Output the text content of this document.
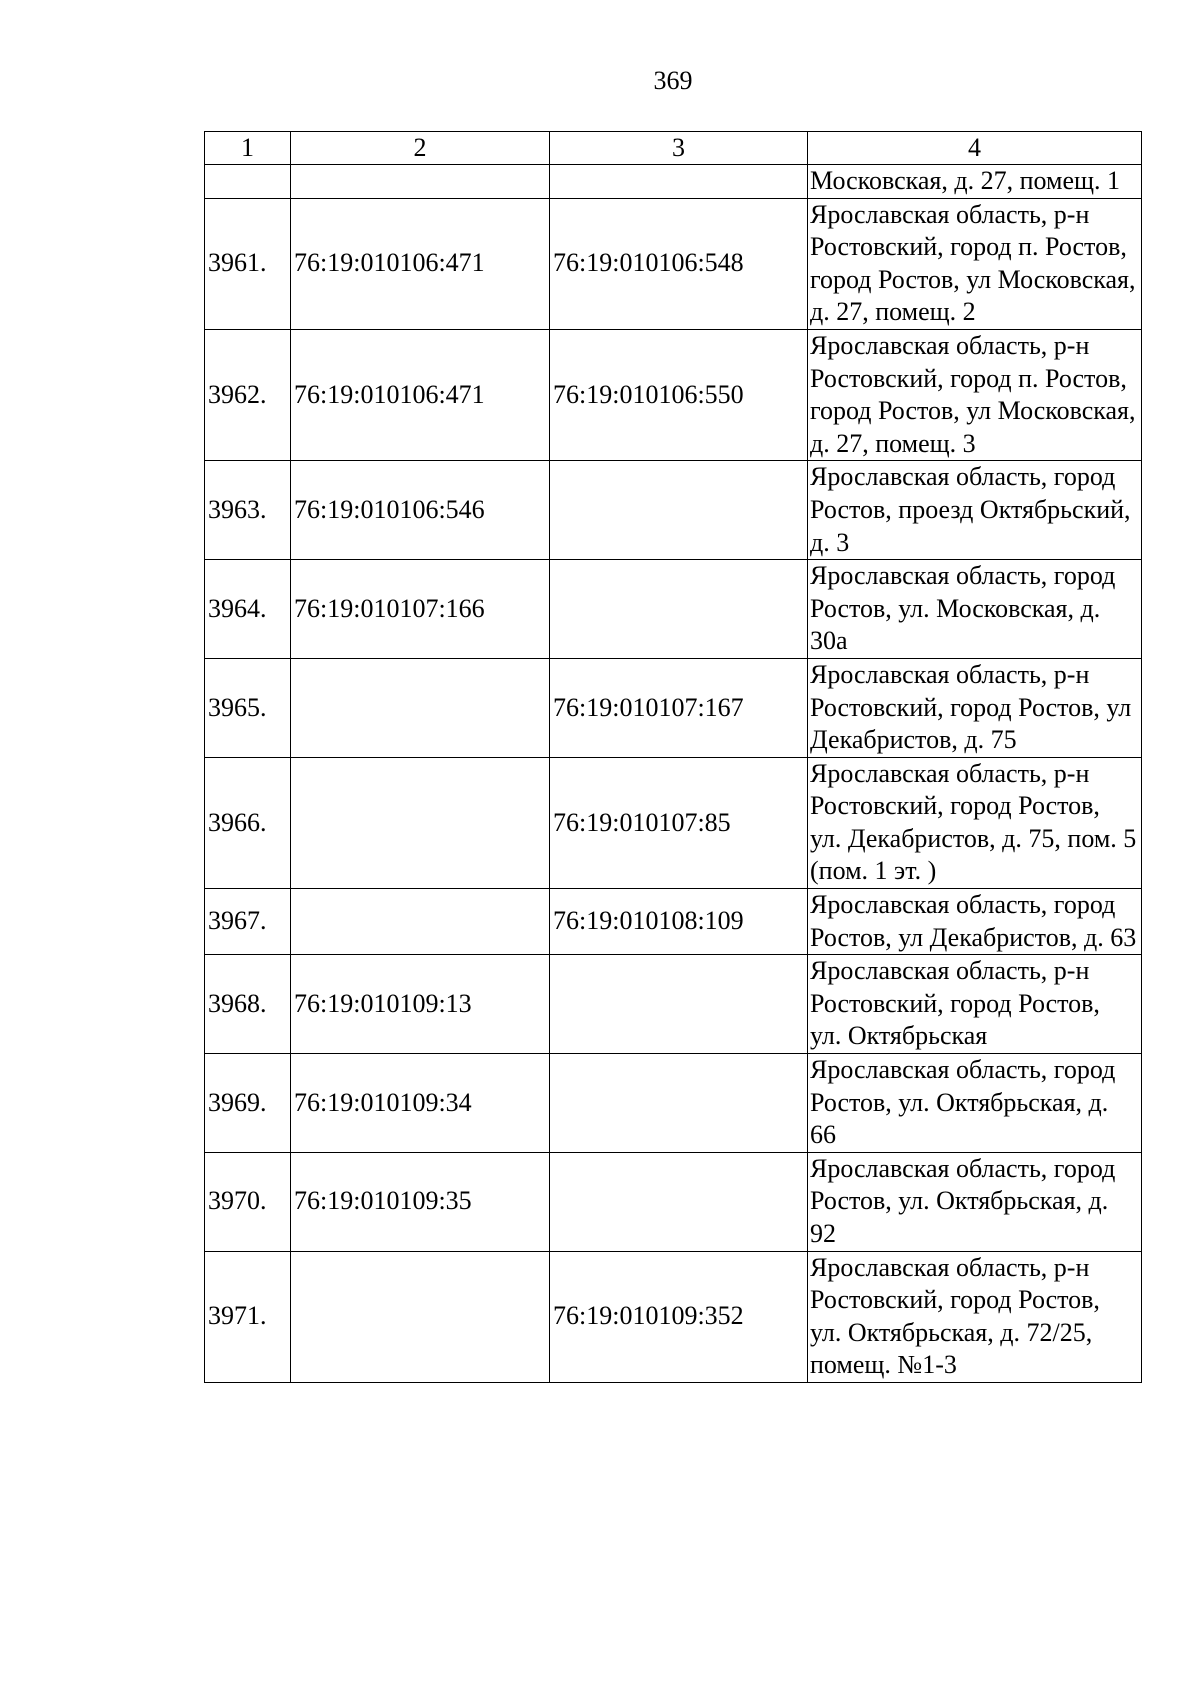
369
1	2	3	4
			Московская, д. 27, помещ. 1
3961.	76:19:010106:471	76:19:010106:548	Ярославская область, р-н Ростовский, город п. Ростов, город Ростов, ул Московская, д. 27, помещ. 2
3962.	76:19:010106:471	76:19:010106:550	Ярославская область, р-н Ростовский, город п. Ростов, город Ростов, ул Московская, д. 27, помещ. 3
3963.	76:19:010106:546		Ярославская область, город Ростов, проезд Октябрьский, д. 3
3964.	76:19:010107:166		Ярославская область, город Ростов, ул. Московская, д. 30а
3965.		76:19:010107:167	Ярославская область, р-н Ростовский, город Ростов, ул Декабристов, д. 75
3966.		76:19:010107:85	Ярославская область, р-н Ростовский, город Ростов, ул. Декабристов, д. 75, пом. 5 (пом. 1 эт. )
3967.		76:19:010108:109	Ярославская область, город Ростов, ул Декабристов, д. 63
3968.	76:19:010109:13		Ярославская область, р-н Ростовский, город Ростов, ул. Октябрьская
3969.	76:19:010109:34		Ярославская область, город Ростов, ул. Октябрьская, д. 66
3970.	76:19:010109:35		Ярославская область, город Ростов, ул. Октябрьская, д. 92
3971.		76:19:010109:352	Ярославская область, р-н Ростовский, город Ростов, ул. Октябрьская, д. 72/25, помещ. №1-3
